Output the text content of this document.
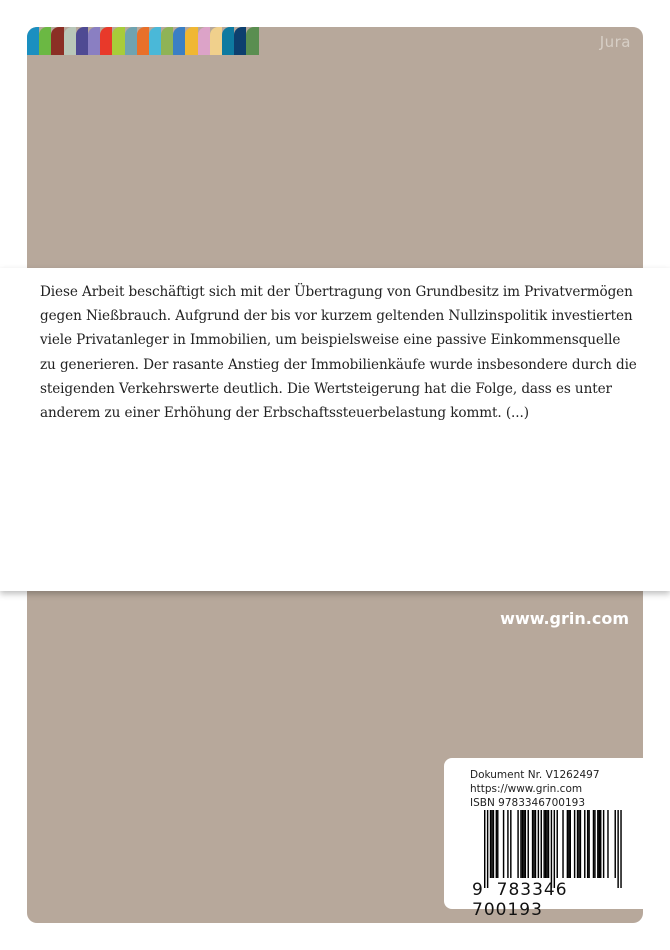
Jura
Diese Arbeit beschäftigt sich mit der Übertragung von Grundbesitz im Privatvermögen gegen Nießbrauch. Aufgrund der bis vor kurzem geltenden Nullzinspolitik investierten viele Privatanleger in Immobilien, um beispielsweise eine passive Einkommensquelle zu generieren. Der rasante Anstieg der Immobilienkäufe wurde insbesondere durch die steigenden Verkehrswerte deutlich. Die Wertsteigerung hat die Folge, dass es unter anderem zu einer Erhöhung der Erbschaftssteuerbelastung kommt. (...)
www.grin.com
Dokument Nr. V1262497
https://www.grin.com
ISBN 9783346700193
9 783346 700193
